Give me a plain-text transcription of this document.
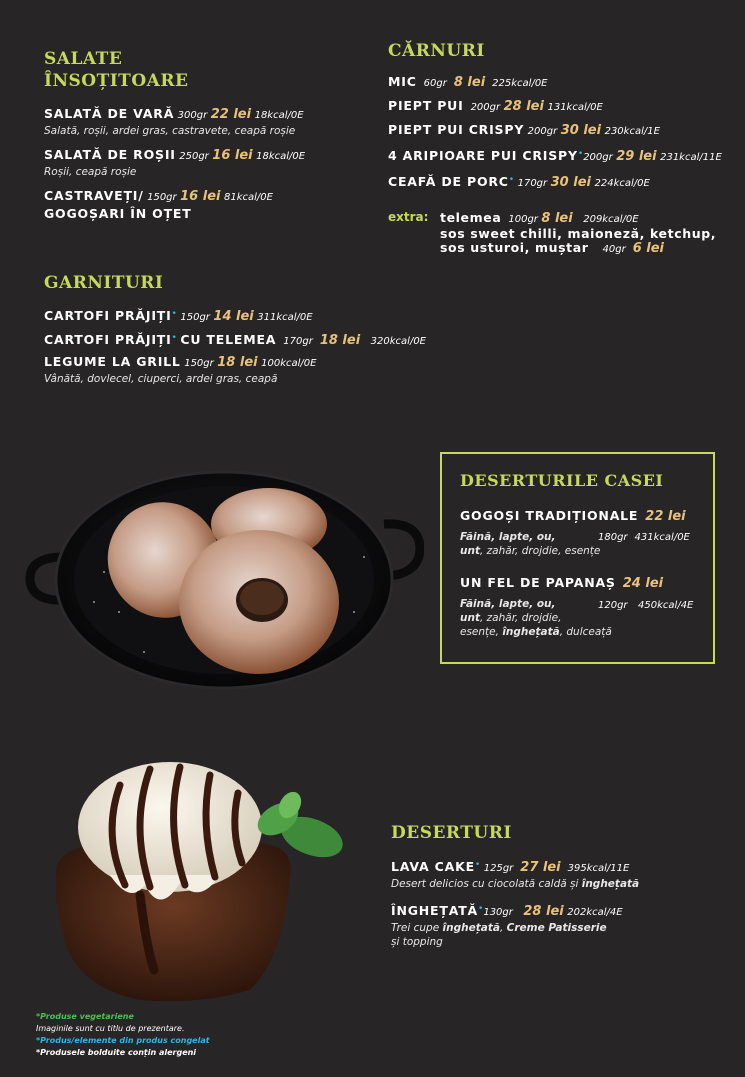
SALATE
ÎNSOȚITOARE
SALATĂ DE VARĂ 300gr 22 lei 18kcal/0E
Salată, roșii, ardei gras, castravete, ceapă roșie
SALATĂ DE ROȘII 250gr 16 lei 18kcal/0E
Roșii, ceapă roșie
CASTRAVEȚI/ 150gr 16 lei 81kcal/0E
GOGOȘARI ÎN OȚET
CĂRNURI
MIC 60gr 8 lei 225kcal/0E
PIEPT PUI 200gr 28 lei 131kcal/0E
PIEPT PUI CRISPY 200gr 30 lei 230kcal/1E
4 ARIPIOARE PUI CRISPY•200gr 29 lei 231kcal/11E
CEAFĂ DE PORC• 170gr 30 lei 224kcal/0E
extra: telemea 100gr 8 lei 209kcal/0E
sos sweet chilli, maioneză, ketchup,
sos usturoi, muștar 40gr 6 lei
GARNITURI
CARTOFI PRĂJIȚI• 150gr 14 lei 311kcal/0E
CARTOFI PRĂJIȚI• CU TELEMEA 170gr 18 lei 320kcal/0E
LEGUME LA GRILL 150gr 18 lei 100kcal/0E
Vânătă, dovlecel, ciuperci, ardei gras, ceapă
DESERTURILE CASEI
GOGOȘI TRADIȚIONALE 22 lei
Făină, lapte, ou,
unt, zahăr, drojdie, esențe
180gr 431kcal/0E
UN FEL DE PAPANAȘ 24 lei
Făină, lapte, ou,
unt, zahăr, drojdie,
esențe, înghețată, dulceață
120gr 450kcal/4E
DESERTURI
LAVA CAKE• 125gr 27 lei 395kcal/11E
Desert delicios cu ciocolată caldă și înghețată
ÎNGHEȚATĂ•130gr 28 lei 202kcal/4E
Trei cupe înghețată, Creme Patisserie
și topping
*Produse vegetariene
Imaginile sunt cu titlu de prezentare.
*Produs/elemente din produs congelat
*Produsele bolduite conțin alergeni
